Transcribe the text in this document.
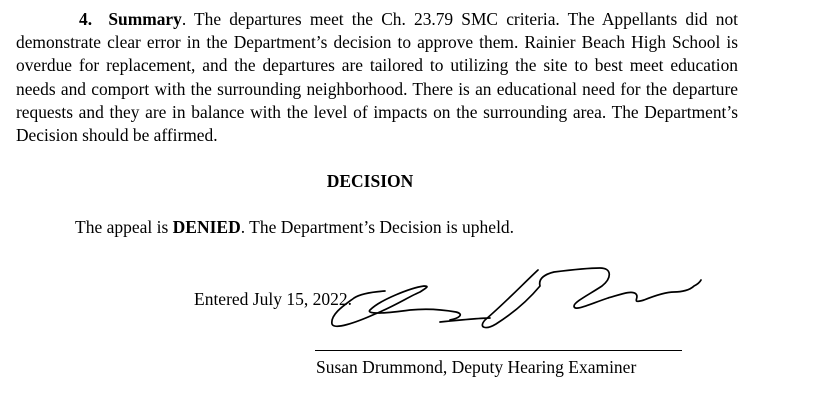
4. Summary. The departures meet the Ch. 23.79 SMC criteria. The Appellants did not demonstrate clear error in the Department’s decision to approve them. Rainier Beach High School is overdue for replacement, and the departures are tailored to utilizing the site to best meet education needs and comport with the surrounding neighborhood. There is an educational need for the departure requests and they are in balance with the level of impacts on the surrounding area. The Department’s Decision should be affirmed.

DECISION

The appeal is DENIED. The Department’s Decision is upheld.

Entered July 15, 2022.

Susan Drummond, Deputy Hearing Examiner
